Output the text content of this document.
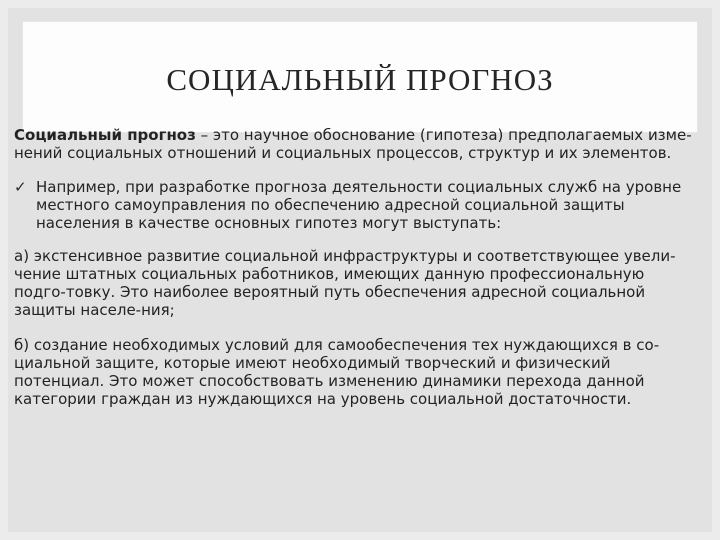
СОЦИАЛЬНЫЙ ПРОГНОЗ

Социальный прогноз – это научное обоснование (гипотеза) предполагаемых изме-нений социальных отношений и социальных процессов, структур и их элементов.

✓ Например, при разработке прогноза деятельности социальных служб на уровне местного самоуправления по обеспечению адресной социальной защиты населения в качестве основных гипотез могут выступать:

а) экстенсивное развитие социальной инфраструктуры и соответствующее увели-чение штатных социальных работников, имеющих данную профессиональную подго-товку. Это наиболее вероятный путь обеспечения адресной социальной защиты населе-ния;

б) создание необходимых условий для самообеспечения тех нуждающихся в со-циальной защите, которые имеют необходимый творческий и физический потенциал. Это может способствовать изменению динамики перехода данной категории граждан из нуждающихся на уровень социальной достаточности.
